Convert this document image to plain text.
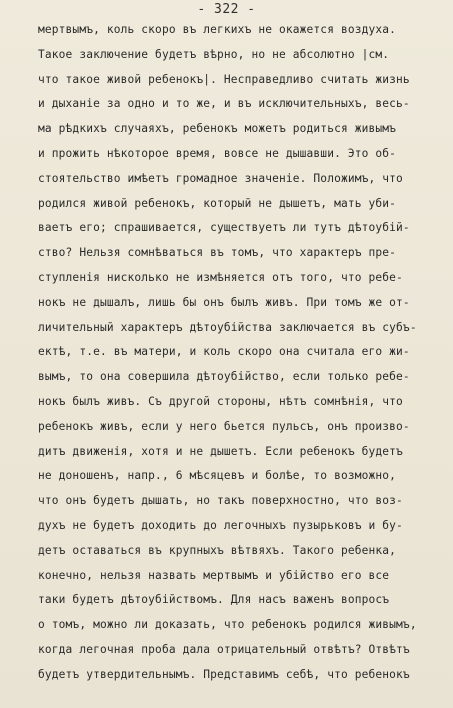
- 322 -
мертвымъ, коль скоро въ легкихъ не окажется воздуха.
Такое заключение будетъ вѣрно, но не абсолютно |см.
что такое живой ребенокъ|. Несправедливо считать жизнь
и дыханіе за одно и то же, и въ исключительныхъ, весь-
ма рѣдкихъ случаяхъ, ребенокъ можетъ родиться живымъ
и прожить нѣкоторое время, вовсе не дышавши. Это об-
стоятельство имѣетъ громадное значеніе. Положимъ, что
родился живой ребенокъ, который не дышетъ, мать уби-
ваетъ его; спрашивается, существуетъ ли тутъ дѣтоубій-
ство? Нельзя сомнѣваться въ томъ, что характеръ пре-
ступленія нисколько не измѣняется отъ того, что ребе-
нокъ не дышалъ, лишь бы онъ былъ живъ. При томъ же от-
личительный характеръ дѣтоубійства заключается въ субъ-
ектѣ, т.е. въ матери, и коль скоро она считала его жи-
вымъ, то она совершила дѣтоубійство, если только ребе-
нокъ былъ живъ. Съ другой стороны, нѣтъ сомнѣнія, что
ребенокъ живъ, если у него бьется пульсъ, онъ произво-
дитъ движенія, хотя и не дышетъ. Если ребенокъ будетъ
не доношенъ, напр., 6 мѣсяцевъ и болѣе, то возможно,
что онъ будетъ дышать, но такъ поверхностно, что воз-
духъ не будетъ доходить до легочныхъ пузырьковъ и бу-
детъ оставаться въ крупныхъ вѣтвяхъ. Такого ребенка,
конечно, нельзя назвать мертвымъ и убійство его все
таки будетъ дѣтоубійствомъ. Для насъ важенъ вопросъ
о томъ, можно ли доказать, что ребенокъ родился живымъ,
когда легочная проба дала отрицательный отвѣтъ? Отвѣтъ
будетъ утвердительнымъ. Представимъ себѣ, что ребенокъ
